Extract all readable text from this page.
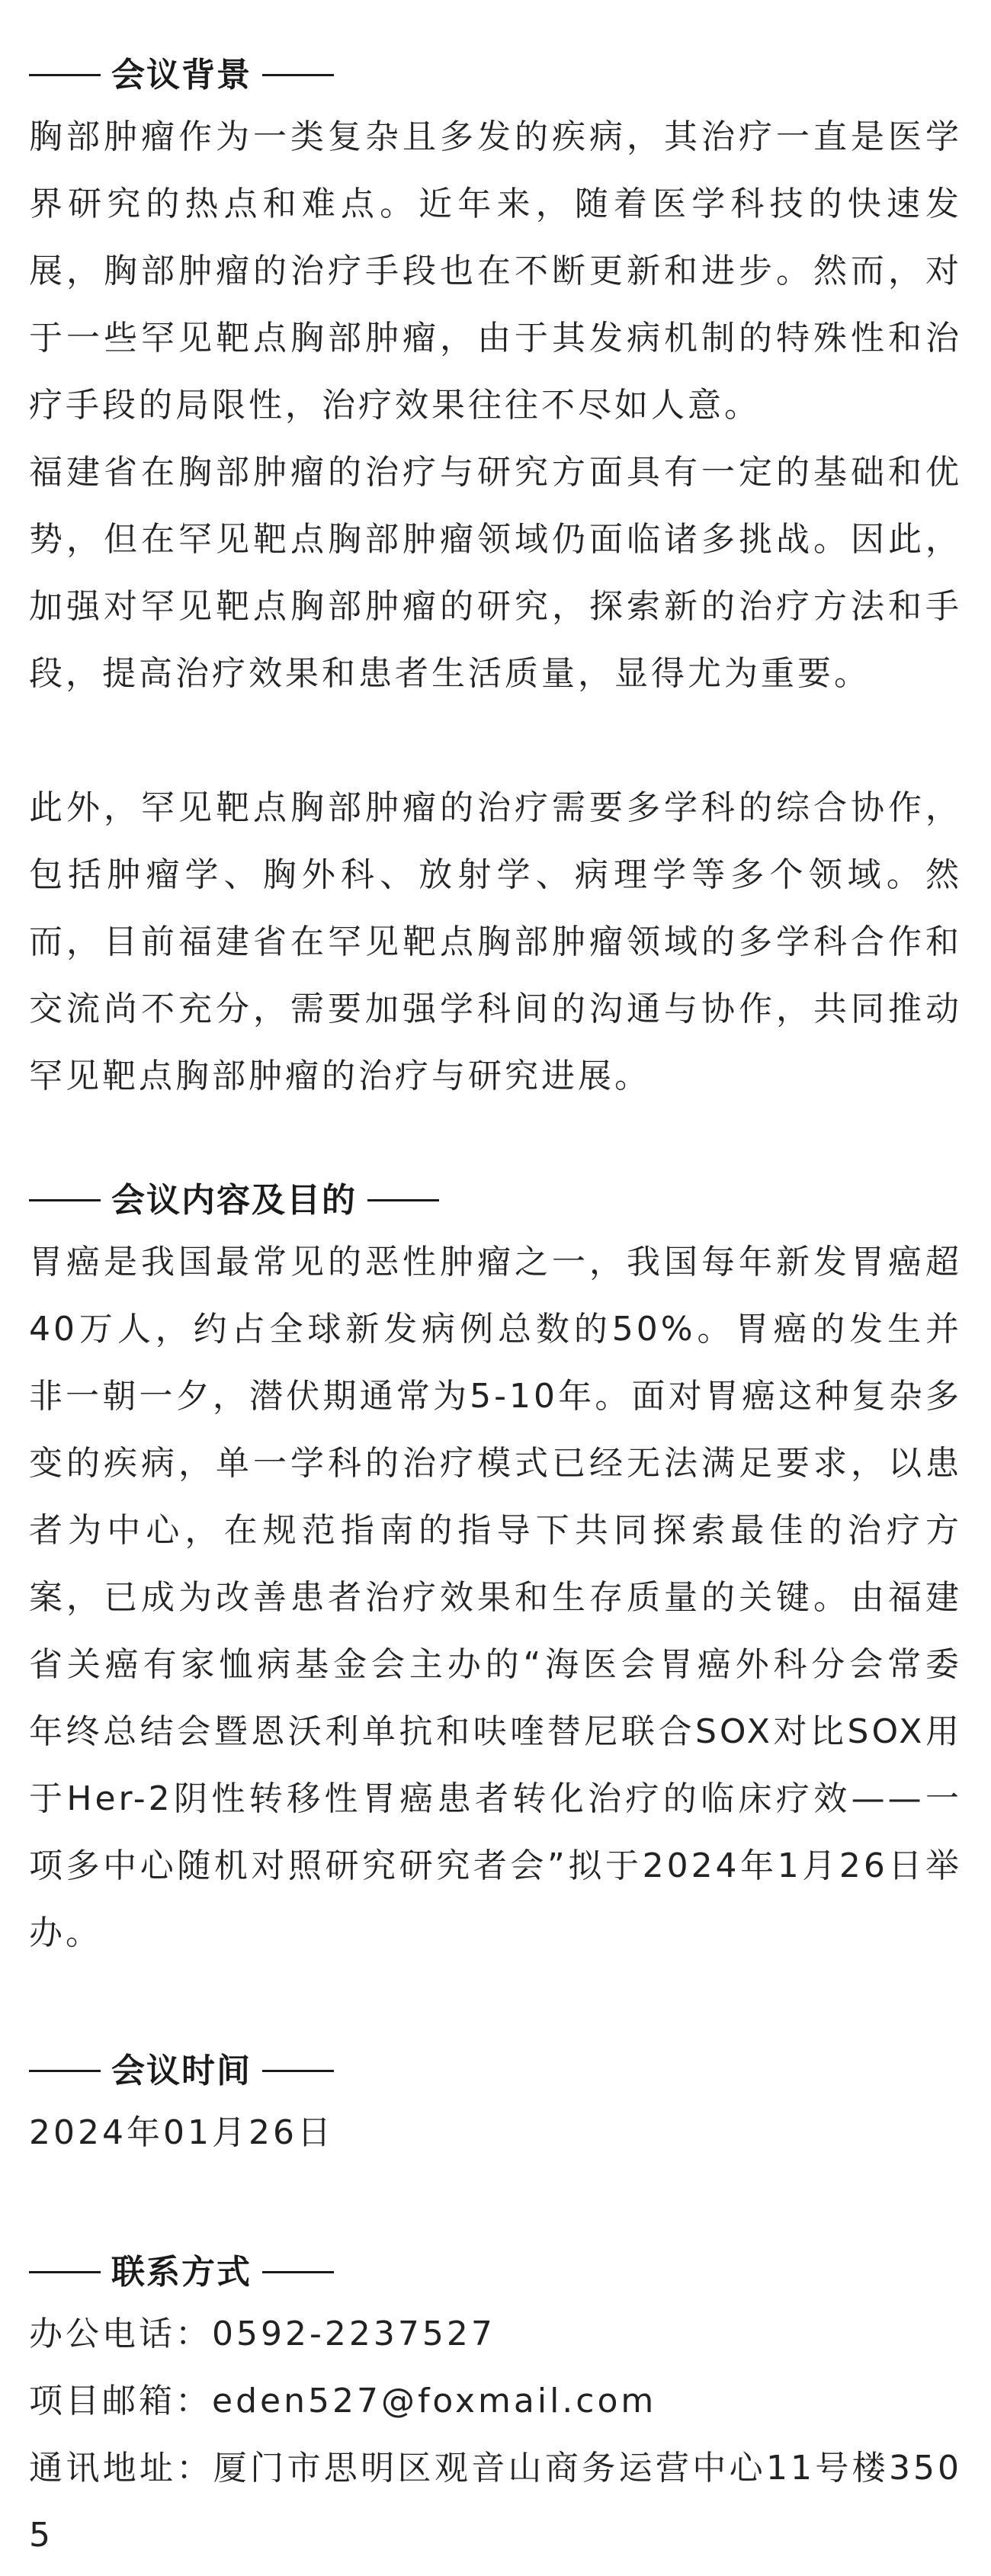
会议背景

胸部肿瘤作为一类复杂且多发的疾病，其治疗一直是医学界研究的热点和难点。近年来，随着医学科技的快速发展，胸部肿瘤的治疗手段也在不断更新和进步。然而，对于一些罕见靶点胸部肿瘤，由于其发病机制的特殊性和治疗手段的局限性，治疗效果往往不尽如人意。

福建省在胸部肿瘤的治疗与研究方面具有一定的基础和优势，但在罕见靶点胸部肿瘤领域仍面临诸多挑战。因此，加强对罕见靶点胸部肿瘤的研究，探索新的治疗方法和手段，提高治疗效果和患者生活质量，显得尤为重要。

此外，罕见靶点胸部肿瘤的治疗需要多学科的综合协作，包括肿瘤学、胸外科、放射学、病理学等多个领域。然而，目前福建省在罕见靶点胸部肿瘤领域的多学科合作和交流尚不充分，需要加强学科间的沟通与协作，共同推动罕见靶点胸部肿瘤的治疗与研究进展。

会议内容及目的

胃癌是我国最常见的恶性肿瘤之一，我国每年新发胃癌超40万人，约占全球新发病例总数的50%。胃癌的发生并非一朝一夕，潜伏期通常为5-10年。面对胃癌这种复杂多变的疾病，单一学科的治疗模式已经无法满足要求，以患者为中心，在规范指南的指导下共同探索最佳的治疗方案，已成为改善患者治疗效果和生存质量的关键。由福建省关癌有家恤病基金会主办的“海医会胃癌外科分会常委年终总结会暨恩沃利单抗和呋喹替尼联合SOX对比SOX用于Her-2阴性转移性胃癌患者转化治疗的临床疗效——一项多中心随机对照研究研究者会”拟于2024年1月26日举办。

会议时间

2024年01月26日

联系方式

办公电话：0592-2237527

项目邮箱：eden527@foxmail.com

通讯地址：厦门市思明区观音山商务运营中心11号楼3505
